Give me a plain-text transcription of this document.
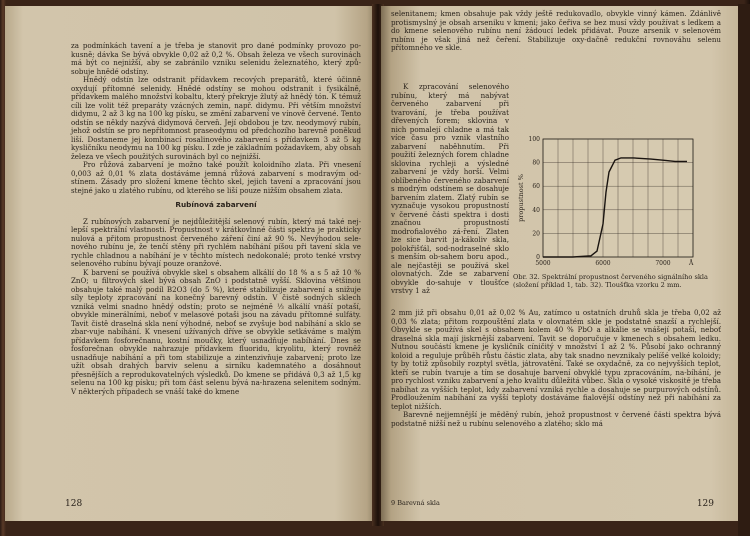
za podmínkách tavení a je třeba je stanovit pro dané podmínky provozo po-kusně; dávka Se bývá obvykle 0,02 až 0,2 %. Obsah železa ve všech surovinách má být co nejnižší, aby se zabránilo vzniku selenidu železnatého, který způ-sobuje hnědé odstíny.

Hnědý odstín lze odstranit přídavkem recových preparátů, které účinně oxydují přítomné selenidy. Hnědé odstíny se mohou odstranit i fysikálně, přídavkem malého množství kobaltu, který překryje žlutý až hnědý tón. K témuž cíli lze volit též preparáty vzácných zemin, např. didymu. Při větším množství didymu, 2 až 3 kg na 100 kg písku, se změní zabarvení ve vínově červené. Tento odstín se někdy nazývá didymová červeň. Její obdobou je tzv. neodymový rubín, jehož odstín se pro nepřítomnost praseodymu od předchozího barevně poněkud liší. Dostaneme jej kombinací rosalinového zabarvení s přídavkem 3 až 5 kg kysličníku neodymu na 100 kg písku. I zde je základním požadavkem, aby obsah železa ve všech použitých surovinách byl co nejnižší.

Pro růžová zabarvení je možno také použít koloidního zlata. Při vnesení 0,003 až 0,01 % zlata dostáváme jemná růžová zabarvení s modravým od-stínem. Zásady pro složení kmene těchto skel, jejich tavení a zpracování jsou stejné jako u zlatého rubínu, od kterého se liší pouze nižším obsahem zlata.

Rubínová zabarvení

Z rubínových zabarvení je nejdůležitější selenový rubín, který má také nej-lepší spektrální vlastnosti. Propustnost v krátkovlnné části spektra je prakticky nulová a přitom propustnost červeného záření činí až 90 %. Nevýhodou sele-nového rubínu je, že tenčí stěny při rychlém nabíhání píšou při tavení skla ve rychle chladnou a nabíhání je v těchto místech nedokonalé; proto tenké vrstvy selenového rubínu bývají pouze oranžové.

K barvení se používá obvykle skel s obsahem alkálií do 18 % a s 5 až 10 % ZnO; u filtrových skel bývá obsah ZnO i podstatně vyšší. Sklovina většinou obsahuje také malý podíl B2O3 (do 5 %), které stabilizuje zabarvení a snižuje síly teploty zpracování na konečný barevný odstín. V čistě sodných sklech vzniká velmi snadno hnědý odstín; proto se nejméně ⅓ alkálií vnáší potaší, obvykle minerálními, neboť v melasové potaši jsou na závadu přítomné sulfáty. Tavit čistě draselná skla není výhodné, neboť se zvyšuje bod nabíhání a sklo se zbar-vuje nabíhání. K vnesení užívaných dříve se obvykle setkáváme s malým přídavkem fosforečnanu, kostní moučky, který usnadňuje nabíhání. Dnes se fosforečnan obvykle nahrazuje přídavkem fluoridu, kryolitu, který rovněž usnadňuje nabíhání a při tom stabilizuje a zintenzivňuje zabarvení; proto lze užít obsah drahých barviv selenu a sirníku kademnatého a dosáhnout přesnějších a reprodukovatelných výsledků. Do kmene se přidává 0,3 až 1,5 kg selenu na 100 kg písku; při tom část selenu bývá na-hrazena selenitem sodným. V některých případech se vnáší také do kmene

128

selenitanem; kmen obsahuje pak vždy ještě redukovadlo, obvykle vinný kámen. Zdánlivě protismyslný je obsah arseniku v kmeni; jako čeřiva se bez musí vždy používat s ledkem a do kmene selenového rubínu není žádoucí ledek přidávat. Pouze arsenik v selenovém rubínu je však jiná než čeření. Stabilizuje oxy-dačně redukční rovnováhu selenu přítomného ve skle.

K zpracování selenového rubínu, který má nabývat červeného zabarvení při tvarování, je třeba používat dřevených forem; sklovina v nich pomalejí chladne a má tak více času pro vznik vlastního zabarvení naběhnutím. Při použití železných forem chladne sklovina rychleji a výsledné zabarvení je vždy horší. Velmi oblíbeného červeného zabarvení s modrým odstínem se dosahuje barvením zlatem. Zlatý rubín se vyznačuje vysokou propustností v červené části spektra i dosti značnou propustností modrofialového zá-ření. Zlaten lze sice barvit ja-kákoliv skla, polokřišťál, sod-nodraselné sklo s menším ob-sahem boru apod., ale nejčastěji se používá skel olovnatých. Zde se zabarvení obvykle do-sahuje v tloušťce vrstvy 1 až

0
20
40
60
80
100
5000	6000	7000	Å
propustnost %
Obr. 32. Spektrální propustnost červeného signálního skla (složení příklad 1, tab. 32). Tloušťka vzorku 2 mm.

2 mm již při obsahu 0,01 až 0,02 % Au, zatímco u ostatních druhů skla je třeba 0,02 až 0,03 % zlata; přitom rozpouštění zlata v olovnatém skle je podstatně snazší a rychlejší. Obvykle se používá skel s obsahem kolem 40 % PbO a alkálie se vnášejí potaší, neboť draselná skla mají jiskrnější zabarvení. Tavit se doporučuje v kmenech s obsahem ledku. Nutnou součástí kmene je kysličník cíničitý v množství 1 až 2 %. Působí jako ochranný koloid a reguluje průběh růstu částic zlata, aby tak snadno nevznikaly pelíšé velké koloidy; ty by totiž způsobily rozptyl světla, játrovatění. Také se oxydačně, za co nejvyšších teplot, kteří se rubín tvaruje a tím se dosahuje barvení obvyklé typu zpracováním, na-bíhání, je pro rychlost vzniku zabarvení a jeho kvalitu důležitá vůbec. Skla o vysoké viskositě je třeba nabíhat za vyšších teplot, kdy zabarvení vzniká rychle a dosahuje se purpurových odstínů. Prodloužením nabíhání za vyšší teploty dostáváme fialovější odstíny než při nabíhání za teplot nižších.

Barevně nejjemnější je měděný rubín, jehož propustnost v červené části spektra bývá podstatně nižší než u rubínu selenového a zlatého; sklo má

9 Barevná skla	129
